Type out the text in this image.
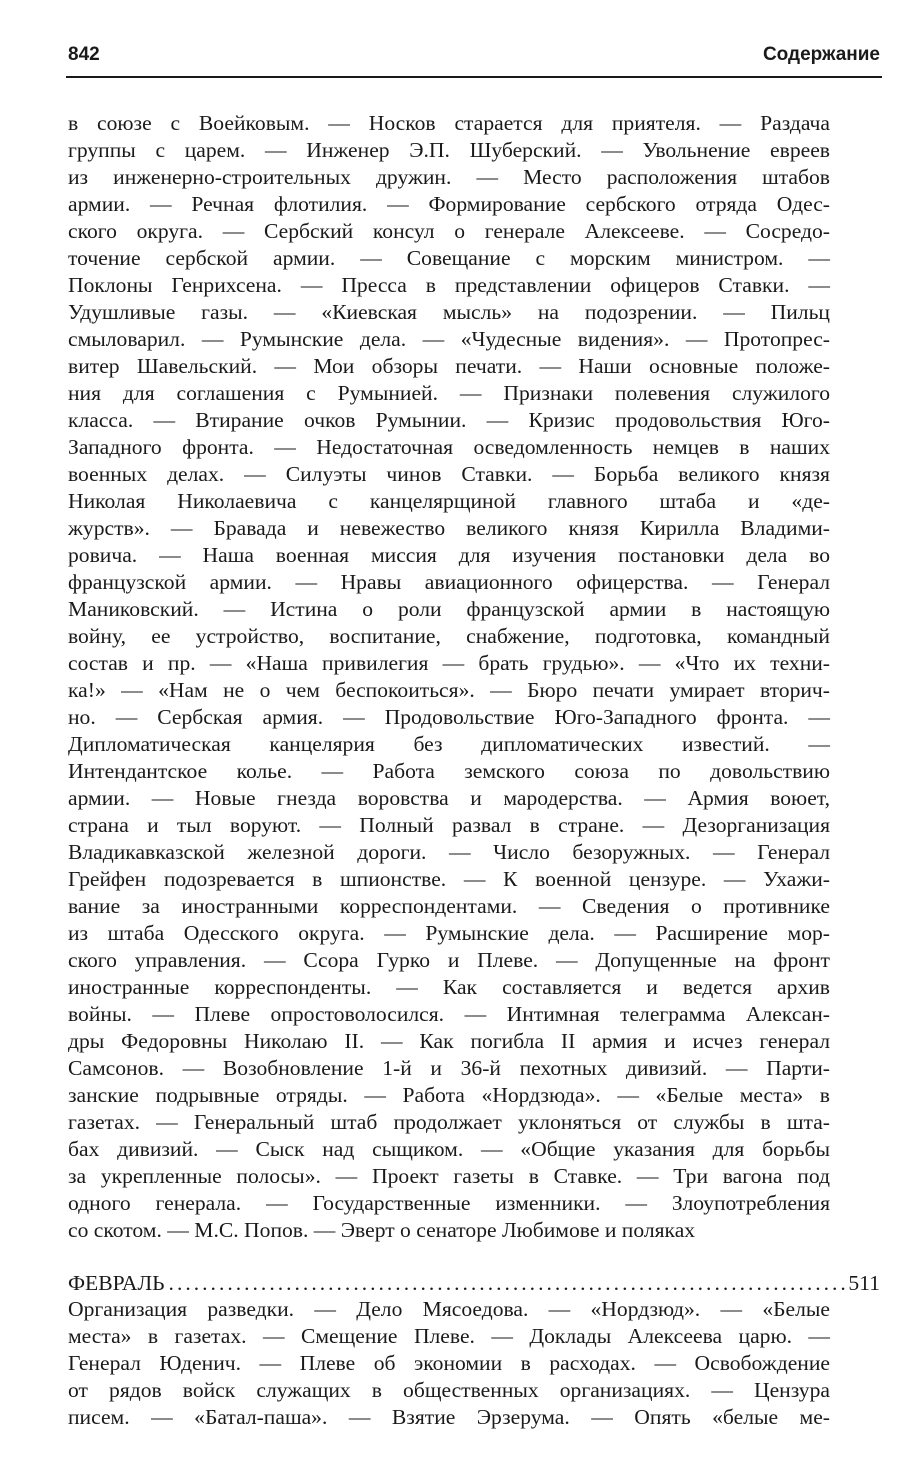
842	Содержание
в союзе с Воейковым. — Носков старается для приятеля. — Раздача
группы с царем. — Инженер Э.П. Шуберский. — Увольнение евреев
из инженерно-строительных дружин. — Место расположения штабов
армии. — Речная флотилия. — Формирование сербского отряда Одес-
ского округа. — Сербский консул о генерале Алексееве. — Сосредо-
точение сербской армии. — Совещание с морским министром. —
Поклоны Генрихсена. — Пресса в представлении офицеров Ставки. —
Удушливые газы. — «Киевская мысль» на подозрении. — Пильц
смыловарил. — Румынские дела. — «Чудесные видения». — Протопрес-
витер Шавельский. — Мои обзоры печати. — Наши основные положе-
ния для соглашения с Румынией. — Признаки полевения служилого
класса. — Втирание очков Румынии. — Кризис продовольствия Юго-
Западного фронта. — Недостаточная осведомленность немцев в наших
военных делах. — Силуэты чинов Ставки. — Борьба великого князя
Николая Николаевича с канцелярщиной главного штаба и «де-
журств». — Бравада и невежество великого князя Кирилла Владими-
ровича. — Наша военная миссия для изучения постановки дела во
французской армии. — Нравы авиационного офицерства. — Генерал
Маниковский. — Истина о роли французской армии в настоящую
войну, ее устройство, воспитание, снабжение, подготовка, командный
состав и пр. — «Наша привилегия — брать грудью». — «Что их техни-
ка!» — «Нам не о чем беспокоиться». — Бюро печати умирает вторич-
но. — Сербская армия. — Продовольствие Юго-Западного фронта. —
Дипломатическая канцелярия без дипломатических известий. —
Интендантское колье. — Работа земского союза по довольствию
армии. — Новые гнезда воровства и мародерства. — Армия воюет,
страна и тыл воруют. — Полный развал в стране. — Дезорганизация
Владикавказской железной дороги. — Число безоружных. — Генерал
Грейфен подозревается в шпионстве. — К военной цензуре. — Ухажи-
вание за иностранными корреспондентами. — Сведения о противнике
из штаба Одесского округа. — Румынские дела. — Расширение мор-
ского управления. — Ссора Гурко и Плеве. — Допущенные на фронт
иностранные корреспонденты. — Как составляется и ведется архив
войны. — Плеве опростоволосился. — Интимная телеграмма Алексан-
дры Федоровны Николаю II. — Как погибла II армия и исчез генерал
Самсонов. — Возобновление 1-й и 36-й пехотных дивизий. — Парти-
занские подрывные отряды. — Работа «Нордзюда». — «Белые места» в
газетах. — Генеральный штаб продолжает уклоняться от службы в шта-
бах дивизий. — Сыск над сыщиком. — «Общие указания для борьбы
за укрепленные полосы». — Проект газеты в Ставке. — Три вагона под
одного генерала. — Государственные изменники. — Злоупотребления
со скотом. — М.С. Попов. — Эверт о сенаторе Любимове и поляках
ФЕВРАЛЬ
.....	511
Организация разведки. — Дело Мясоедова. — «Нордзюд». — «Белые
места» в газетах. — Смещение Плеве. — Доклады Алексеева царю. —
Генерал Юденич. — Плеве об экономии в расходах. — Освобождение
от рядов войск служащих в общественных организациях. — Цензура
писем. — «Батал-паша». — Взятие Эрзерума. — Опять «белые ме-
